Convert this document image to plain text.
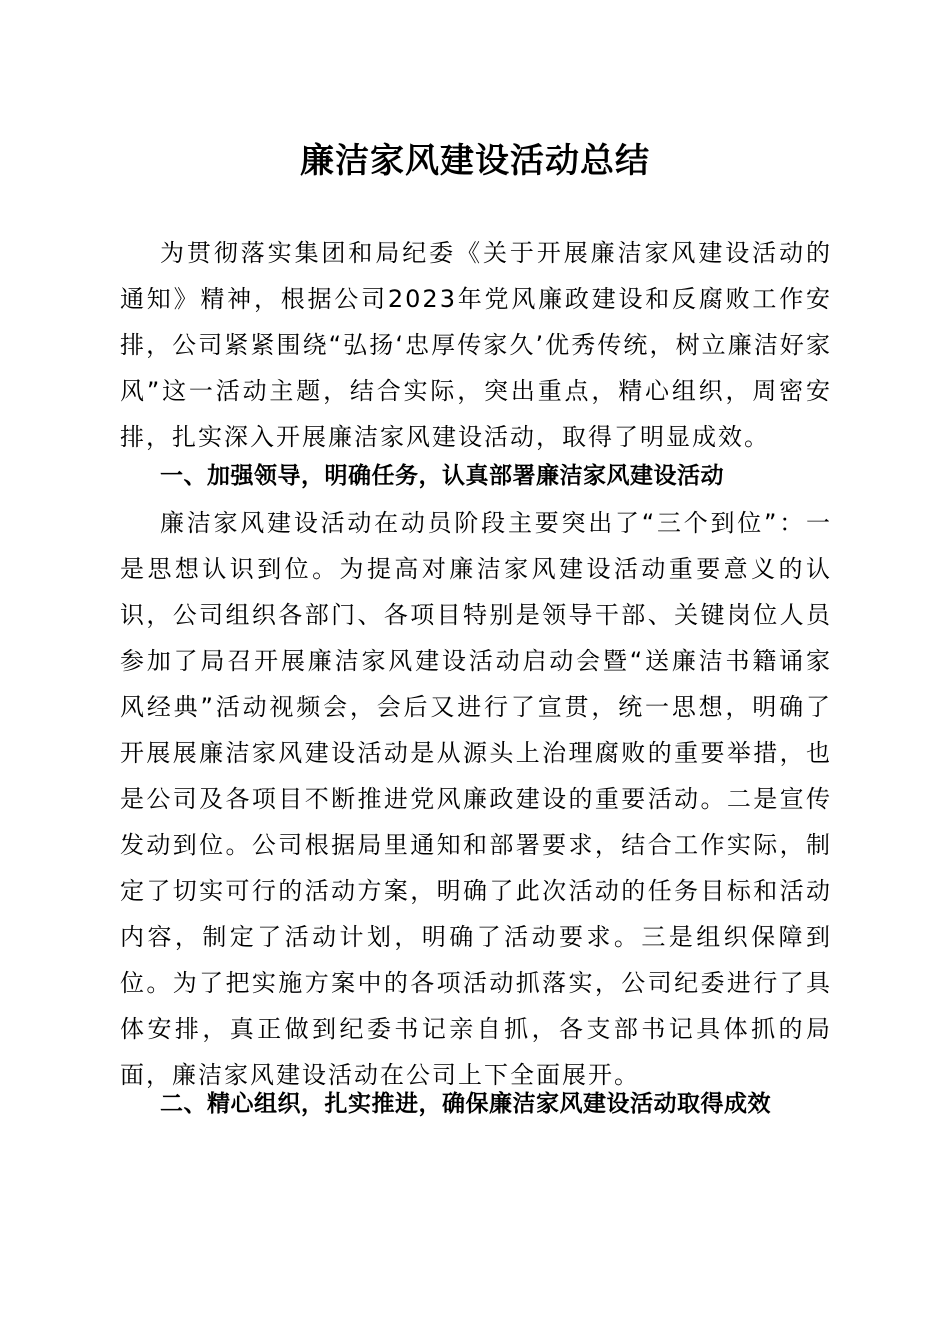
廉洁家风建设活动总结

为贯彻落实集团和局纪委《关于开展廉洁家风建设活动的通知》精神，根据公司2023年党风廉政建设和反腐败工作安排，公司紧紧围绕“弘扬‘忠厚传家久’优秀传统，树立廉洁好家风”这一活动主题，结合实际，突出重点，精心组织，周密安排，扎实深入开展廉洁家风建设活动，取得了明显成效。

一、加强领导，明确任务，认真部署廉洁家风建设活动

廉洁家风建设活动在动员阶段主要突出了“三个到位”：一是思想认识到位。为提高对廉洁家风建设活动重要意义的认识，公司组织各部门、各项目特别是领导干部、关键岗位人员参加了局召开展廉洁家风建设活动启动会暨“送廉洁书籍诵家风经典”活动视频会，会后又进行了宣贯，统一思想，明确了开展展廉洁家风建设活动是从源头上治理腐败的重要举措，也是公司及各项目不断推进党风廉政建设的重要活动。二是宣传发动到位。公司根据局里通知和部署要求，结合工作实际，制定了切实可行的活动方案，明确了此次活动的任务目标和活动内容，制定了活动计划，明确了活动要求。三是组织保障到位。为了把实施方案中的各项活动抓落实，公司纪委进行了具体安排，真正做到纪委书记亲自抓，各支部书记具体抓的局面，廉洁家风建设活动在公司上下全面展开。

二、精心组织，扎实推进，确保廉洁家风建设活动取得成效
